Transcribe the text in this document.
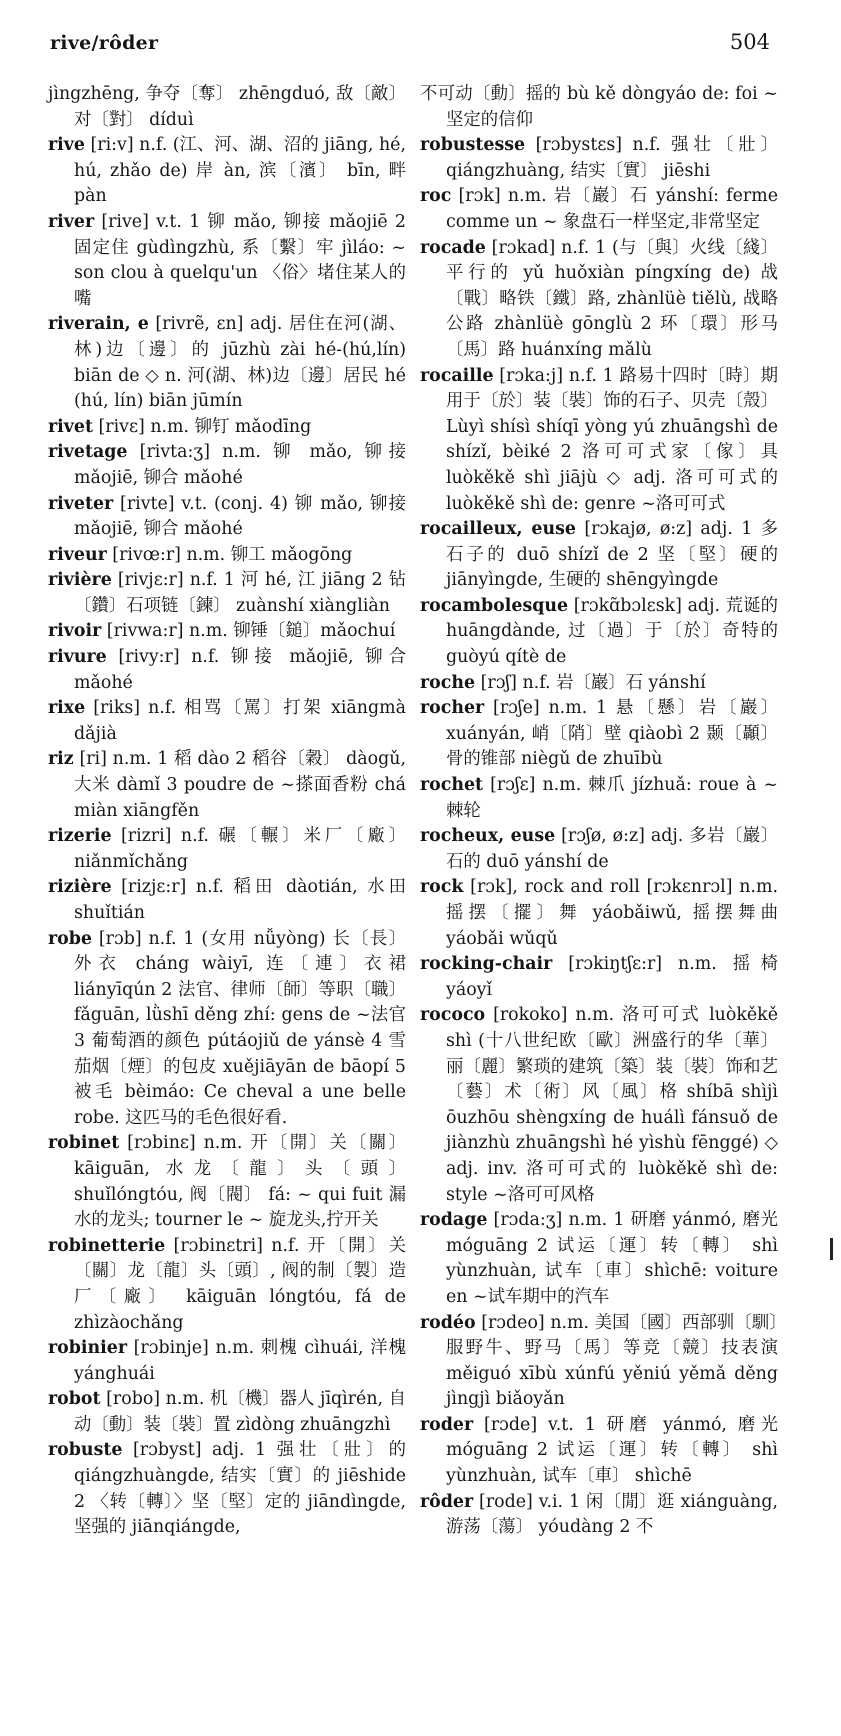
rive/rôder	504

jìngzhēng, 争夺〔奪〕 zhēngduó, 敌〔敵〕对〔對〕 díduì

rive [ri:v] n.f. (江、河、湖、沼的 jiāng, hé, hú, zhǎo de) 岸 àn, 滨〔濱〕 bīn, 畔 pàn

river [rive] v.t. 1 铆 mǎo, 铆接 mǎojiē 2 固定住 gùdìngzhù, 系〔繫〕牢 jìláo: ~ son clou à quelqu'un 〈俗〉堵住某人的嘴

riverain, e [rivrẽ, ɛn] adj. 居住在河(湖、林)边〔邊〕的 jūzhù zài hé-(hú,lín) biān de ◇ n. 河(湖、林)边〔邊〕居民 hé (hú, lín) biān jūmín

rivet [rivɛ] n.m. 铆钉 mǎodīng

rivetage [rivta:ʒ] n.m. 铆 mǎo, 铆接mǎojiē, 铆合 mǎohé

riveter [rivte] v.t. (conj. 4) 铆 mǎo, 铆接 mǎojiē, 铆合 mǎohé

riveur [rivœ:r] n.m. 铆工 mǎogōng

rivière [rivjɛ:r] n.f. 1 河 hé, 江 jiāng 2 钻〔鑽〕石项链〔鍊〕 zuànshí xiàngliàn

rivoir [rivwa:r] n.m. 铆锤〔鎚〕mǎochuí

rivure [rivy:r] n.f. 铆接 mǎojiē, 铆合 mǎohé

rixe [riks] n.f. 相骂〔罵〕打架 xiāngmà dǎjià

riz [ri] n.m. 1 稻 dào 2 稻谷〔穀〕 dàogǔ, 大米 dàmǐ 3 poudre de ~搽面香粉 chá miàn xiāngfěn

rizerie [rizri] n.f. 碾〔輾〕米厂〔廠〕 niǎnmǐchǎng

rizière [rizjɛ:r] n.f. 稻田 dàotián, 水田 shuǐtián

robe [rɔb] n.f. 1 (女用 nǚyòng) 长〔長〕外衣 cháng wàiyī, 连〔連〕衣裙 liányīqún 2 法官、律师〔師〕等职〔職〕 fǎguān, lǜshī děng zhí: gens de ~法官 3 葡萄酒的颜色 pútáojiǔ de yánsè 4 雪茄烟〔煙〕的包皮 xuějiāyān de bāopí 5 被毛 bèimáo: Ce cheval a une belle robe. 这匹马的毛色很好看.

robinet [rɔbinɛ] n.m. 开〔開〕关〔關〕 kāiguān, 水龙〔龍〕头〔頭〕 shuǐlóngtóu, 阀〔閥〕 fá: ~ qui fuit 漏水的龙头; tourner le ~ 旋龙头,拧开关

robinetterie [rɔbinɛtri] n.f. 开〔開〕关〔關〕龙〔龍〕头〔頭〕, 阀的制〔製〕造厂〔廠〕 kāiguān lóngtóu, fá de zhìzàochǎng

robinier [rɔbinje] n.m. 刺槐 cìhuái, 洋槐 yánghuái

robot [robo] n.m. 机〔機〕器人 jīqìrén, 自动〔動〕装〔裝〕置 zìdòng zhuāngzhì

robuste [rɔbyst] adj. 1 强壮〔壯〕的 qiángzhuàngde, 结实〔實〕的 jiēshide 2 〈转〔轉〕〉坚〔堅〕定的 jiāndìngde, 坚强的 jiānqiángde,

不可动〔動〕摇的 bù kě dòngyáo de: foi ~坚定的信仰

robustesse [rɔbystɛs] n.f. 强壮〔壯〕qiángzhuàng, 结实〔實〕 jiēshi

roc [rɔk] n.m. 岩〔巖〕石 yánshí: ferme comme un ~ 象盘石一样坚定,非常坚定

rocade [rɔkad] n.f. 1 (与〔與〕火线〔綫〕平行的 yǔ huǒxiàn píngxíng de) 战〔戰〕略铁〔鐵〕路, zhànlüè tiělù, 战略公路 zhànlüè gōnglù 2 环〔環〕形马〔馬〕路 huánxíng mǎlù

rocaille [rɔka:j] n.f. 1 路易十四时〔時〕期用于〔於〕装〔裝〕饰的石子、贝壳〔殼〕 Lùyì shísì shíqī yòng yú zhuāngshì de shízǐ, bèiké 2 洛可可式家〔傢〕具 luòkěkě shì jiājù ◇ adj. 洛可可式的 luòkěkě shì de: genre ~洛可可式

rocailleux, euse [rɔkajø, ø:z] adj. 1 多石子的 duō shízǐ de 2 坚〔堅〕硬的 jiānyìngde, 生硬的 shēngyìngde

rocambolesque [rɔkɑ̃bɔlɛsk] adj. 荒诞的 huāngdànde, 过〔過〕于〔於〕奇特的 guòyú qítè de

roche [rɔʃ] n.f. 岩〔巖〕石 yánshí

rocher [rɔʃe] n.m. 1 悬〔懸〕岩〔巖〕 xuányán, 峭〔陗〕壁 qiàobì 2 颞〔顳〕骨的锥部 niègǔ de zhuībù

rochet [rɔʃɛ] n.m. 棘爪 jízhuǎ: roue à ~棘轮

rocheux, euse [rɔʃø, ø:z] adj. 多岩〔巖〕石的 duō yánshí de

rock [rɔk], rock and roll [rɔkɛnrɔl] n.m. 摇摆〔擺〕舞 yáobǎiwǔ, 摇摆舞曲 yáobǎi wǔqǔ

rocking-chair [rɔkiŋtʃɛ:r] n.m. 摇椅 yáoyǐ

rococo [rokoko] n.m. 洛可可式 luòkěkě shì (十八世纪欧〔歐〕洲盛行的华〔華〕丽〔麗〕繁琐的建筑〔築〕装〔裝〕饰和艺〔藝〕术〔術〕风〔風〕格 shíbā shìjì ōuzhōu shèngxíng de huálì fánsuǒ de jiànzhù zhuāngshì hé yìshù fēnggé) ◇ adj. inv. 洛可可式的 luòkěkě shì de: style ~洛可可风格

rodage [rɔda:ʒ] n.m. 1 研磨 yánmó, 磨光 móguāng 2 试运〔運〕转〔轉〕 shì yùnzhuàn, 试车〔車〕shìchē: voiture en ~试车期中的汽车

rodéo [rɔdeo] n.m. 美国〔國〕西部驯〔馴〕服野牛、野马〔馬〕等竞〔競〕技表演 měiguó xībù xúnfú yěniú yěmǎ děng jìngjì biǎoyǎn

roder [rɔde] v.t. 1 研磨 yánmó, 磨光 móguāng 2 试运〔運〕转〔轉〕 shì yùnzhuàn, 试车〔車〕 shìchē

rôder [rode] v.i. 1 闲〔閒〕逛 xiánguàng, 游荡〔蕩〕 yóudàng 2 不
